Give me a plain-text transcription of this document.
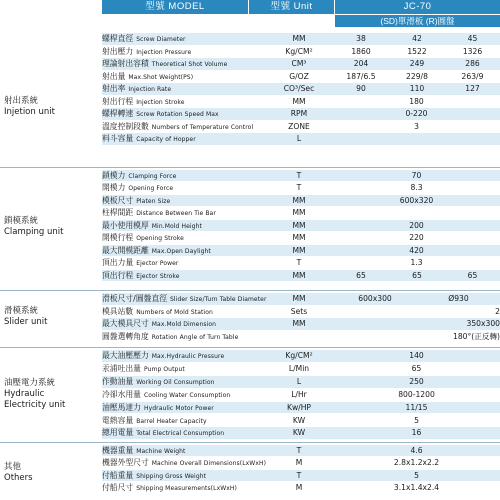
型號 MODEL	型號 Unit	JC-70
(SD)單滑板 (R)圓盤
射出系統
Injetion unit
螺桿直徑 Screw Diameter	MM	38	42	45
射出壓力 Injection Pressure	Kg/CM²	1860	1522	1326
理論射出容積 Theoretical Shot Volume	CM³	204	249	286
射出量 Max.Shot Weight(PS)	G/OZ	187/6.5	229/8	263/9
射出率 Injection Rate	CO³/Sec	90	110	127
射出行程 Injection Stroke	MM	180
螺桿轉速 Screw Rotation Speed Max	RPM	0-220
溫度控制段數 Numbers of Temperature Control	ZONE	3
料斗容量 Capacity of Hopper	L
鎖模系統
Clamping unit
鎖模力 Clamping Force	T	70
開模力 Opening Force	T	8.3
模板尺寸 Platen Size	MM	600x320
柱桿間距 Distance Between Tie Bar	MM
最小使用模厚 Min.Mold Height	MM	200
開模行程 Opening Stroke	MM	220
最大開模距離 Max.Open Daylight	MM	420
頂出力量 Ejector Power	T	1.3
頂出行程 Ejector Stroke	MM	65	65	65
滑模系統
Slider unit
滑板尺寸/圓盤直徑 Slider Size/Turn Table Diameter	MM	600x300	Ø930
模具站數 Numbers of Mold Station	Sets	2
最大模具尺寸 Max.Mold Dimension	MM	350x300
圓盤選轉角度 Rotation Angle of Turn Table	180°(正反轉)
油壓電力系統
Hydraulic
Electricity unit
最大油壓壓力 Max.Hydraulic Pressure	Kg/CM²	140
汞浦吐出量 Pump Output	L/Min	65
作動油量 Working Oil Consumption	L	250
冷卻水用量 Cooling Water Consumption	L/Hr	800-1200
油壓馬達力 Hydraulic Motor Power	Kw/HP	11/15
電熱容量 Barrel Heater Capacity	KW	5
總用電量 Total Electrical Consumption	KW	16
其他
Others
機器重量 Machine Weight	T	4.6
機器外型尺寸 Machine Overall Dimensions(LxWxH)	M	2.8x1.2x2.2
付船重量 Shipping Gross Weight	T	5
付船尺寸 Shipping Measurements(LxWxH)	M	3.1x1.4x2.4
